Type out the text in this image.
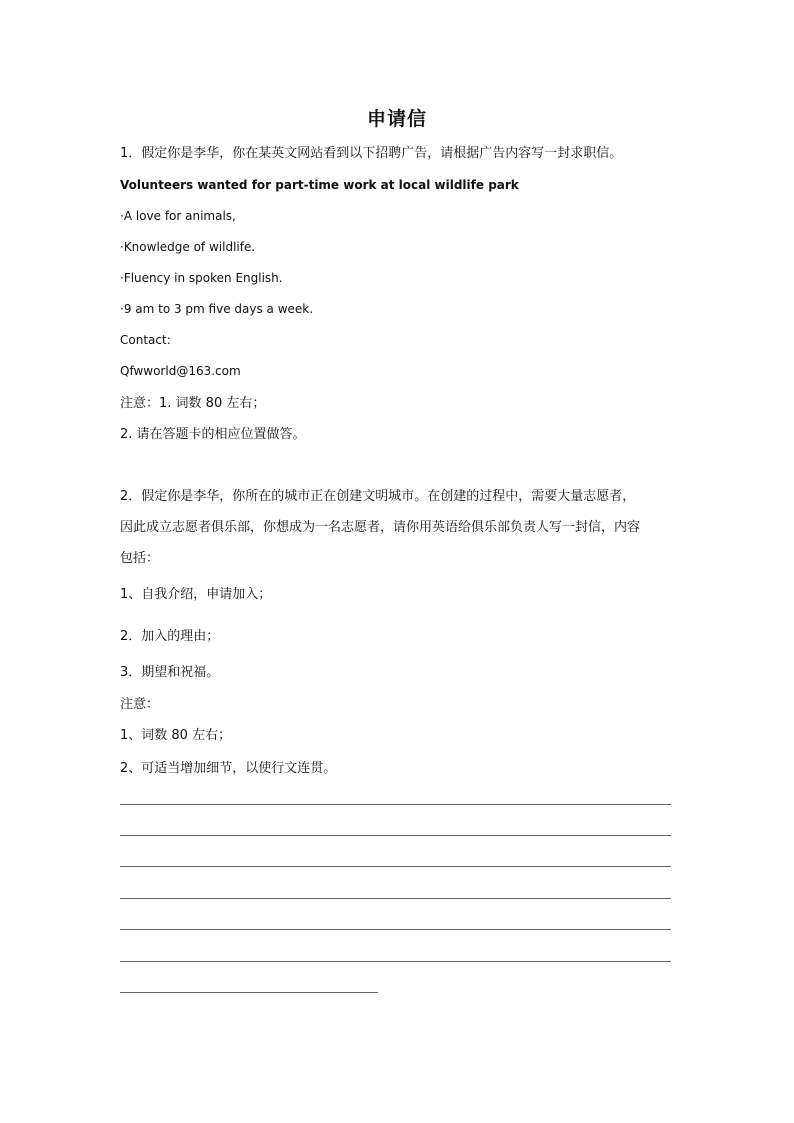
申请信
1．假定你是李华，你在某英文网站看到以下招聘广告，请根据广告内容写一封求职信。
Volunteers wanted for part-time work at local wildlife park
·A love for animals,
·Knowledge of wildlife.
·Fluency in spoken English.
·9 am to 3 pm five days a week.
Contact:
Qfwworld@163.com
注意：1. 词数 80 左右；
2. 请在答题卡的相应位置做答。
2．假定你是李华，你所在的城市正在创建文明城市。在创建的过程中，需要大量志愿者，
因此成立志愿者俱乐部，你想成为一名志愿者，请你用英语给俱乐部负责人写一封信，内容
包括：
1、自我介绍，申请加入；
2．加入的理由；
3．期望和祝福。
注意：
1、词数 80 左右；
2、可适当增加细节，以使行文连贯。
